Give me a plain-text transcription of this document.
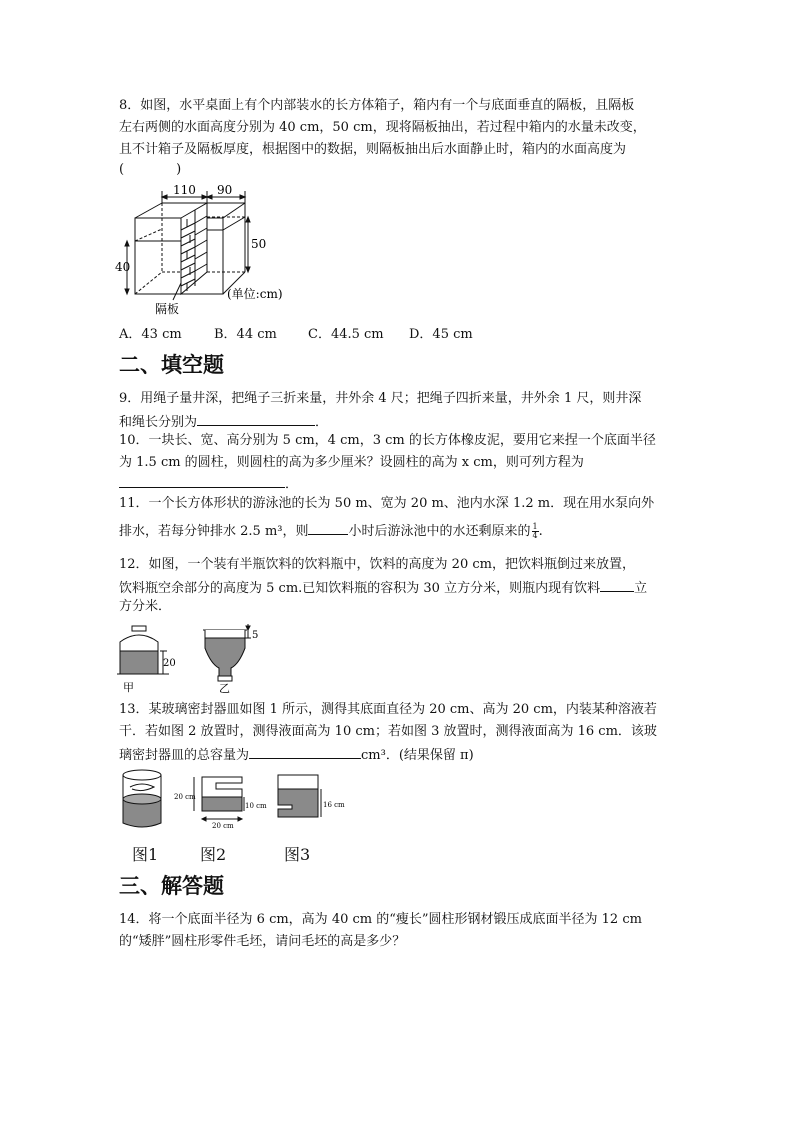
8．如图，水平桌面上有个内部装水的长方体箱子，箱内有一个与底面垂直的隔板，且隔板

左右两侧的水面高度分别为 40 cm，50 cm，现将隔板抽出，若过程中箱内的水量未改变，

且不计箱子及隔板厚度，根据图中的数据，则隔板抽出后水面静止时，箱内的水面高度为

(　　　　)

110 90
50
40
隔板
(单位:cm)
A．43 cm B．44 cm C．44.5 cm D．45 cm
二、填空题

9．用绳子量井深，把绳子三折来量，井外余 4 尺；把绳子四折来量，井外余 1 尺，则井深

和绳长分别为	．

10．一块长、宽、高分别为 5 cm，4 cm，3 cm 的长方体橡皮泥，要用它来捏一个底面半径

为 1.5 cm 的圆柱，则圆柱的高为多少厘米？设圆柱的高为 x cm，则可列方程为

．

11．一个长方体形状的游泳池的长为 50 m、宽为 20 m、池内水深 1.2 m．现在用水泵向外

排水，若每分钟排水 2.5 m³，则	小时后游泳池中的水还剩原来的 $\frac{1}{4}$ .

12．如图，一个装有半瓶饮料的饮料瓶中，饮料的高度为 20 cm，把饮料瓶倒过来放置，

饮料瓶空余部分的高度为 5 cm.已知饮料瓶的容积为 30 立方分米，则瓶内现有饮料	立

方分米．

20
甲
5
乙

13．某玻璃密封器皿如图 1 所示，测得其底面直径为 20 cm、高为 20 cm，内装某种溶液若

干．若如图 2 放置时，测得液面高为 10 cm；若如图 3 放置时，测得液面高为 16 cm．该玻

璃密封器皿的总容量为	cm³．(结果保留 π)

20 cm
10 cm
20 cm
16 cm
图1	图2	图3
三、解答题

14．将一个底面半径为 6 cm，高为 40 cm 的“瘦长”圆柱形钢材锻压成底面半径为 12 cm

的“矮胖”圆柱形零件毛坯，请问毛坯的高是多少？
